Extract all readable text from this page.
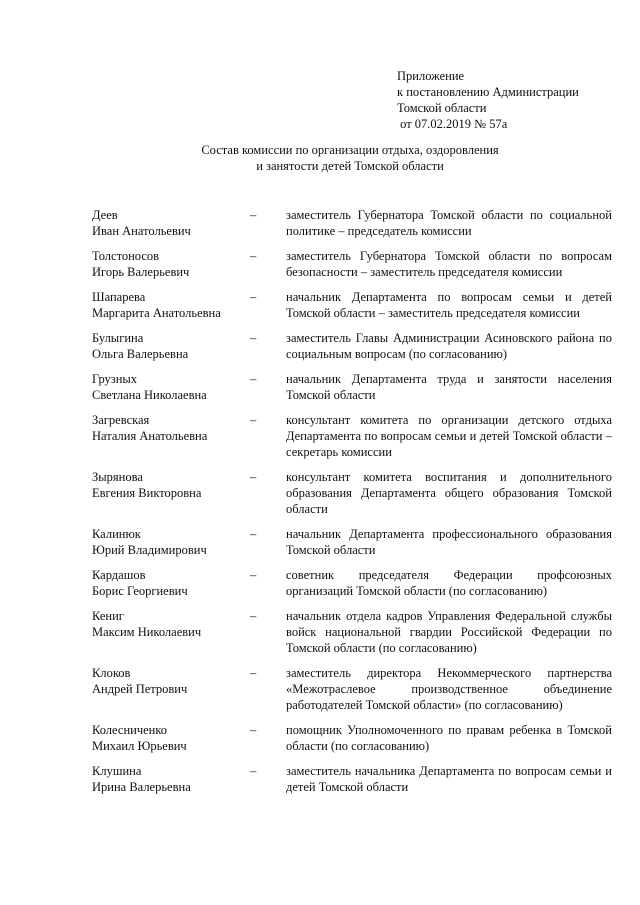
Приложение
к постановлению Администрации
Томской области
от 07.02.2019 № 57а
Состав комиссии по организации отдыха, оздоровления
и занятости детей Томской области
Деев
Иван Анатольевич
–	заместитель Губернатора Томской области по социальной политике – председатель комиссии
Толстоносов
Игорь Валерьевич
–	заместитель Губернатора Томской области по вопросам безопасности – заместитель председателя комиссии
Шапарева
Маргарита Анатольевна
–	начальник Департамента по вопросам семьи и детей Томской области – заместитель председателя комиссии
Булыгина
Ольга Валерьевна
–	заместитель Главы Администрации Асиновского района по социальным вопросам (по согласованию)
Грузных
Светлана Николаевна
–	начальник Департамента труда и занятости населения Томской области
Загревская
Наталия Анатольевна
–	консультант комитета по организации детского отдыха Департамента по вопросам семьи и детей Томской области – секретарь комиссии
Зырянова
Евгения Викторовна
–	консультант комитета воспитания и дополнительного образования Департамента общего образования Томской области
Калинюк
Юрий Владимирович
–	начальник Департамента профессионального образования Томской области
Кардашов
Борис Георгиевич
–	советник председателя Федерации профсоюзных организаций Томской области (по согласованию)
Кениг
Максим Николаевич
–	начальник отдела кадров Управления Федеральной службы войск национальной гвардии Российской Федерации по Томской области (по согласованию)
Клоков
Андрей Петрович
–	заместитель директора Некоммерческого партнерства «Межотраслевое производственное объединение работодателей Томской области» (по согласованию)
Колесниченко
Михаил Юрьевич
–	помощник Уполномоченного по правам ребенка в Томской области (по согласованию)
Клушина
Ирина Валерьевна
–	заместитель начальника Департамента по вопросам семьи и детей Томской области
